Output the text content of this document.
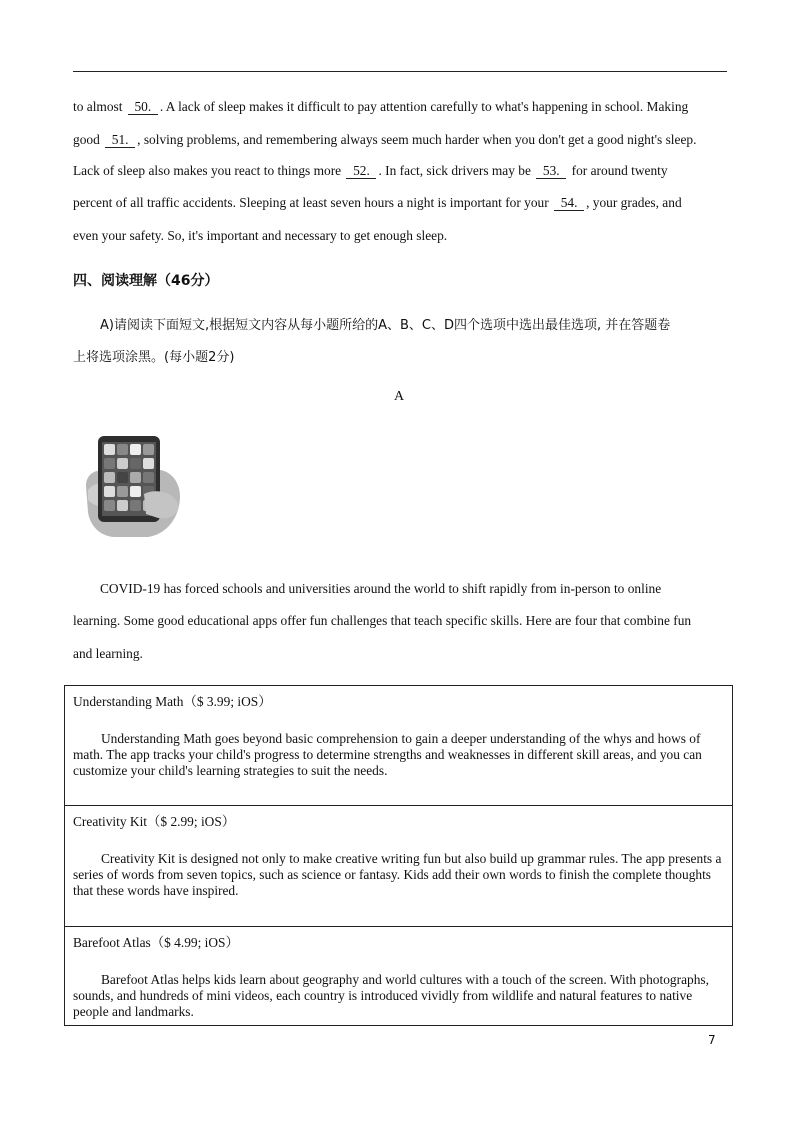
to almost 50. . A lack of sleep makes it difficult to pay attention carefully to what's happening in school. Making
good 51. , solving problems, and remembering always seem much harder when you don't get a good night's sleep.
Lack of sleep also makes you react to things more 52. . In fact, sick drivers may be 53. for around twenty
percent of all traffic accidents. Sleeping at least seven hours a night is important for your 54. , your grades, and
even your safety. So, it's important and necessary to get enough sleep.
四、阅读理解（46分）
A)请阅读下面短文,根据短文内容从每小题所给的A、B、C、D四个选项中选出最佳选项, 并在答题卷
上将选项涂黑。(每小题2分)
A
COVID-19 has forced schools and universities around the world to shift rapidly from in-person to online
learning. Some good educational apps offer fun challenges that teach specific skills. Here are four that combine fun
and learning.
Understanding Math（$ 3.99; iOS）
Understanding Math goes beyond basic comprehension to gain a deeper understanding of the whys and hows of math. The app tracks your child's progress to determine strengths and weaknesses in different skill areas, and you can customize your child's learning strategies to suit the needs.
Creativity Kit（$ 2.99; iOS）
Creativity Kit is designed not only to make creative writing fun but also build up grammar rules. The app presents a series of words from seven topics, such as science or fantasy. Kids add their own words to finish the complete thoughts that these words have inspired.
Barefoot Atlas（$ 4.99; iOS）
Barefoot Atlas helps kids learn about geography and world cultures with a touch of the screen. With photographs, sounds, and hundreds of mini videos, each country is introduced vividly from wildlife and natural features to native people and landmarks.
7
